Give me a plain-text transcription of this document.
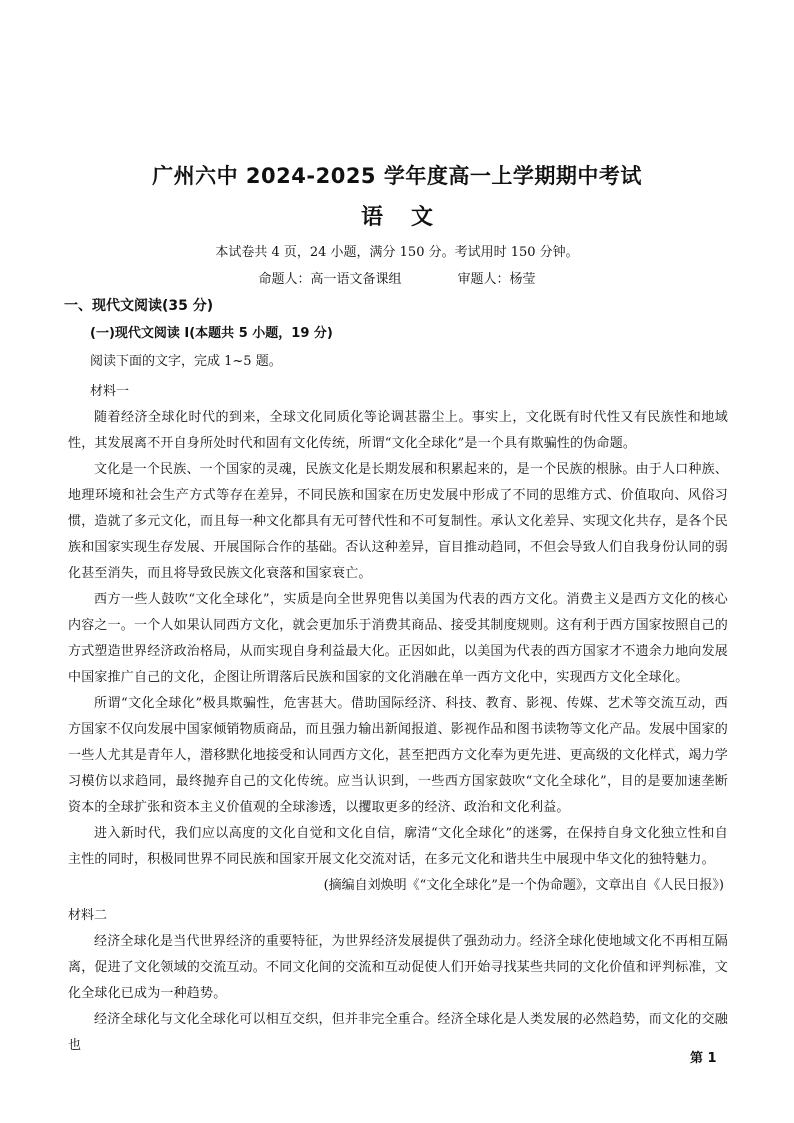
广州六中 2024-2025 学年度高一上学期期中考试
语 文
本试卷共 4 页，24 小题，满分 150 分。考试用时 150 分钟。
命题人：高一语文备课组	审题人：杨莹
一、现代文阅读(35 分)
(一)现代文阅读 I(本题共 5 小题，19 分)
阅读下面的文字，完成 1~5 题。
材料一

随着经济全球化时代的到来，全球文化同质化等论调甚嚣尘上。事实上，文化既有时代性又有民族性和地域性，其发展离不开自身所处时代和固有文化传统，所谓“文化全球化”是一个具有欺骗性的伪命题。

文化是一个民族、一个国家的灵魂，民族文化是长期发展和积累起来的，是一个民族的根脉。由于人口种族、地理环境和社会生产方式等存在差异，不同民族和国家在历史发展中形成了不同的思维方式、价值取向、风俗习惯，造就了多元文化，而且每一种文化都具有无可替代性和不可复制性。承认文化差异、实现文化共存，是各个民族和国家实现生存发展、开展国际合作的基础。否认这种差异，盲目推动趋同，不但会导致人们自我身份认同的弱化甚至消失，而且将导致民族文化衰落和国家衰亡。

西方一些人鼓吹“文化全球化”，实质是向全世界兜售以美国为代表的西方文化。消费主义是西方文化的核心内容之一。一个人如果认同西方文化，就会更加乐于消费其商品、接受其制度规则。这有利于西方国家按照自己的方式塑造世界经济政治格局，从而实现自身利益最大化。正因如此，以美国为代表的西方国家才不遗余力地向发展中国家推广自己的文化，企图让所谓落后民族和国家的文化消融在单一西方文化中，实现西方文化全球化。

所谓“文化全球化”极具欺骗性，危害甚大。借助国际经济、科技、教育、影视、传媒、艺术等交流互动，西方国家不仅向发展中国家倾销物质商品，而且强力输出新闻报道、影视作品和图书读物等文化产品。发展中国家的一些人尤其是青年人，潜移默化地接受和认同西方文化，甚至把西方文化奉为更先进、更高级的文化样式，竭力学习模仿以求趋同，最终抛弃自己的文化传统。应当认识到，一些西方国家鼓吹“文化全球化”，目的是要加速垄断资本的全球扩张和资本主义价值观的全球渗透，以攫取更多的经济、政治和文化利益。

进入新时代，我们应以高度的文化自觉和文化自信，廓清“文化全球化”的迷雾，在保持自身文化独立性和自主性的同时，积极同世界不同民族和国家开展文化交流对话，在多元文化和谐共生中展现中华文化的独特魅力。

(摘编自刘焕明《“文化全球化”是一个伪命题》，文章出自《人民日报》)
材料二

经济全球化是当代世界经济的重要特征，为世界经济发展提供了强劲动力。经济全球化使地域文化不再相互隔离，促进了文化领域的交流互动。不同文化间的交流和互动促使人们开始寻找某些共同的文化价值和评判标准，文化全球化已成为一种趋势。

经济全球化与文化全球化可以相互交织，但并非完全重合。经济全球化是人类发展的必然趋势，而文化的交融也

第 1
